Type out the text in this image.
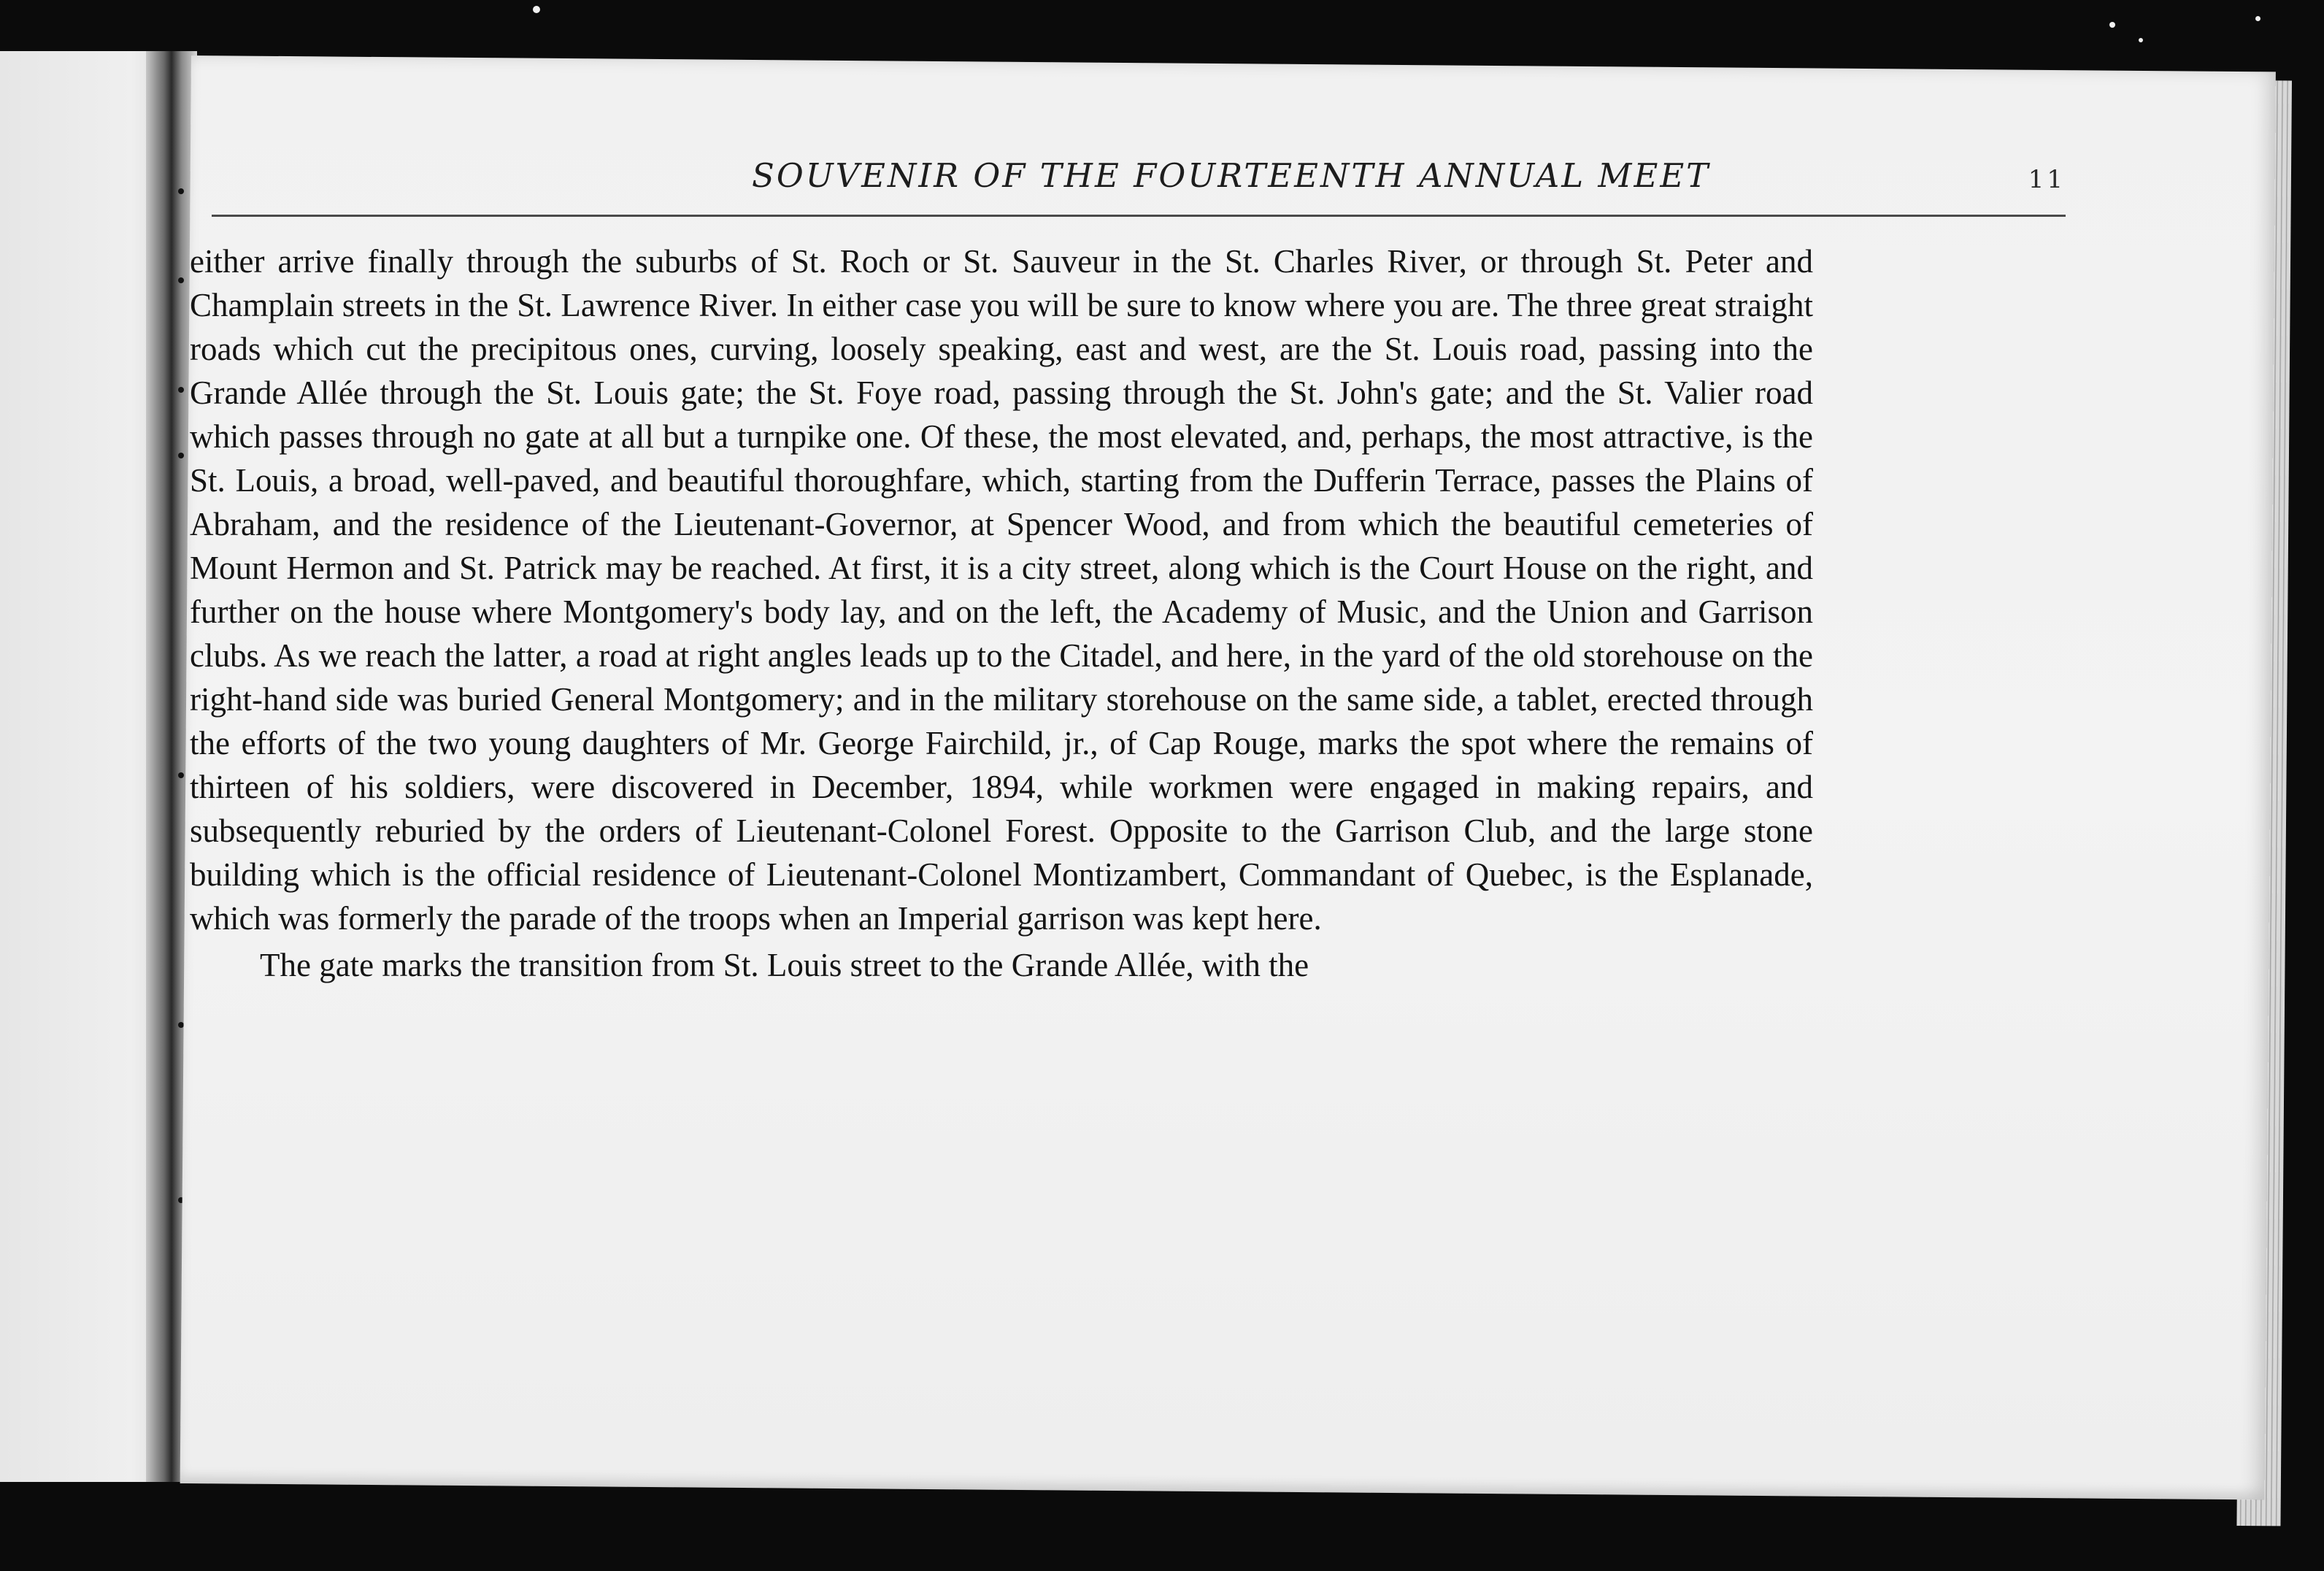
SOUVENIR OF THE FOURTEENTH ANNUAL MEET	11

either arrive finally through the suburbs of St. Roch or St. Sauveur in the St. Charles River, or through St. Peter and Champlain streets in the St. Lawrence River. In either case you will be sure to know where you are. The three great straight roads which cut the precipitous ones, curving, loosely speaking, east and west, are the St. Louis road, passing into the Grande Allée through the St. Louis gate; the St. Foye road, passing through the St. John's gate; and the St. Valier road which passes through no gate at all but a turnpike one. Of these, the most elevated, and, perhaps, the most attractive, is the St. Louis, a broad, well-paved, and beautiful thoroughfare, which, starting from the Dufferin Terrace, passes the Plains of Abraham, and the residence of the Lieutenant-Governor, at Spencer Wood, and from which the beautiful cemeteries of Mount Hermon and St. Patrick may be reached. At first, it is a city street, along which is the Court House on the right, and further on the house where Montgomery's body lay, and on the left, the Academy of Music, and the Union and Garrison clubs. As we reach the latter, a road at right angles leads up to the Citadel, and here, in the yard of the old storehouse on the right-hand side was buried General Montgomery; and in the military storehouse on the same side, a tablet, erected through the efforts of the two young daughters of Mr. George Fairchild, jr., of Cap Rouge, marks the spot where the remains of thirteen of his soldiers, were discovered in December, 1894, while workmen were engaged in making repairs, and subsequently reburied by the orders of Lieutenant-Colonel Forest. Opposite to the Garrison Club, and the large stone building which is the official residence of Lieutenant-Colonel Montizambert, Commandant of Quebec, is the Esplanade, which was formerly the parade of the troops when an Imperial garrison was kept here.

The gate marks the transition from St. Louis street to the Grande Allée, with the
